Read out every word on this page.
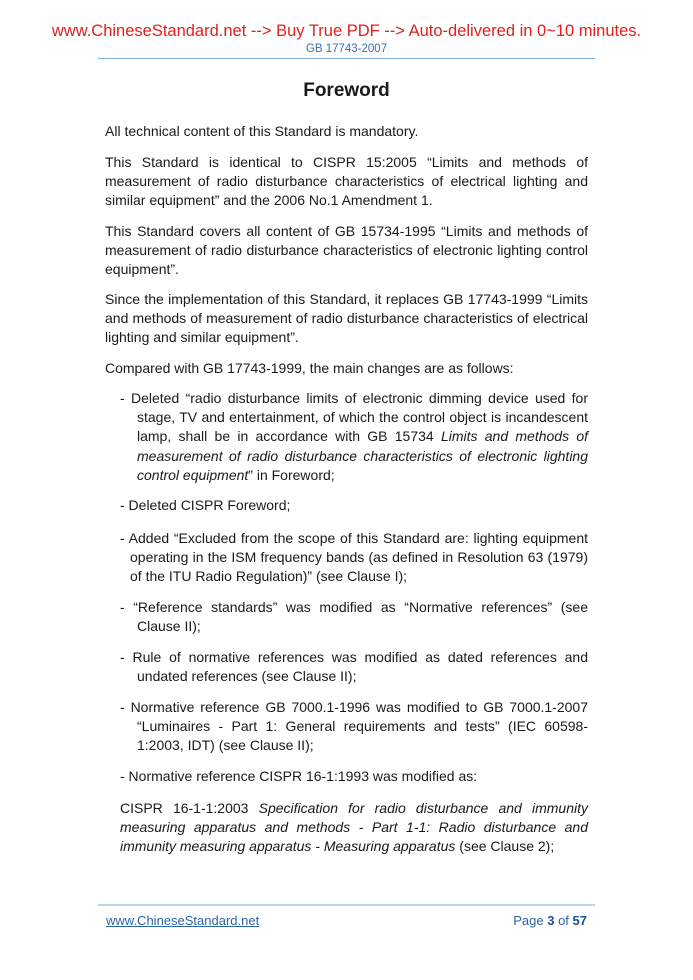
www.ChineseStandard.net --> Buy True PDF --> Auto-delivered in 0~10 minutes.
GB 17743-2007
Foreword
All technical content of this Standard is mandatory.
This Standard is identical to CISPR 15:2005 “Limits and methods of measurement of radio disturbance characteristics of electrical lighting and similar equipment” and the 2006 No.1 Amendment 1.
This Standard covers all content of GB 15734-1995 “Limits and methods of measurement of radio disturbance characteristics of electronic lighting control equipment”.
Since the implementation of this Standard, it replaces GB 17743-1999 “Limits and methods of measurement of radio disturbance characteristics of electrical lighting and similar equipment”.
Compared with GB 17743-1999, the main changes are as follows:
- Deleted “radio disturbance limits of electronic dimming device used for stage, TV and entertainment, of which the control object is incandescent lamp, shall be in accordance with GB 15734 Limits and methods of measurement of radio disturbance characteristics of electronic lighting control equipment” in Foreword;
- Deleted CISPR Foreword;
- Added “Excluded from the scope of this Standard are: lighting equipment operating in the ISM frequency bands (as defined in Resolution 63 (1979) of the ITU Radio Regulation)” (see Clause I);
- “Reference standards” was modified as “Normative references” (see Clause II);
- Rule of normative references was modified as dated references and undated references (see Clause II);
- Normative reference GB 7000.1-1996 was modified to GB 7000.1-2007 “Luminaires - Part 1: General requirements and tests” (IEC 60598-1:2003, IDT) (see Clause II);
- Normative reference CISPR 16-1:1993 was modified as:
CISPR 16-1-1:2003 Specification for radio disturbance and immunity measuring apparatus and methods - Part 1-1: Radio disturbance and immunity measuring apparatus - Measuring apparatus (see Clause 2);
www.ChineseStandard.net	Page 3 of 57
